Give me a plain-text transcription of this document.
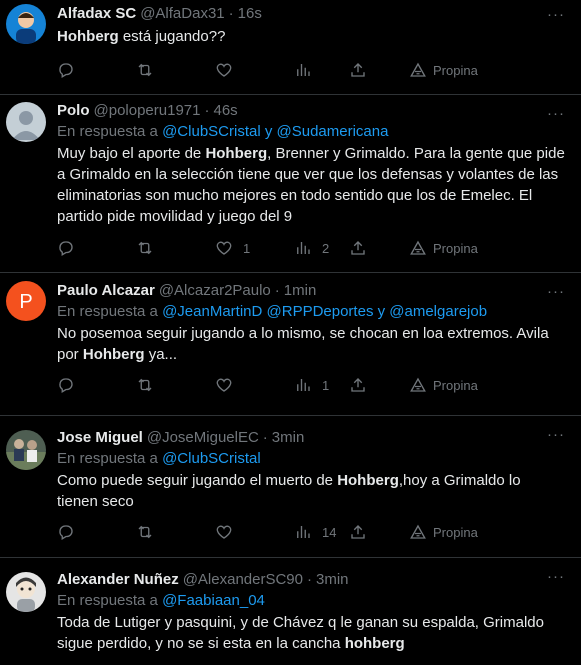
···
Alfadax SC @AlfaDax31 · 16s
Hohberg está jugando??
Propina
···
Polo @poloperu1971 · 46s
En respuesta a @ClubSCristal y @Sudamericana
Muy bajo el aporte de Hohberg, Brenner y Grimaldo. Para la gente que pide a Grimaldo en la selección tiene que ver que los defensas y volantes de las eliminatorias son mucho mejores en todo sentido que los de Emelec. El partido pide movilidad y juego del 9
1	2	Propina
P	···
Paulo Alcazar @Alcazar2Paulo · 1min
En respuesta a @JeanMartinD @RPPDeportes y @amelgarejob
No posemoa seguir jugando a lo mismo, se chocan en loa extremos. Avila por Hohberg ya...
1	Propina
···
Jose Miguel @JoseMiguelEC · 3min
En respuesta a @ClubSCristal
Como puede seguir jugando el muerto de Hohberg,hoy a Grimaldo lo tienen seco
14	Propina
···
Alexander Nuñez @AlexanderSC90 · 3min
En respuesta a @Faabiaan_04
Toda de Lutiger y pasquini, y de Chávez q le ganan su espalda, Grimaldo sigue perdido, y no se si esta en la cancha hohberg
